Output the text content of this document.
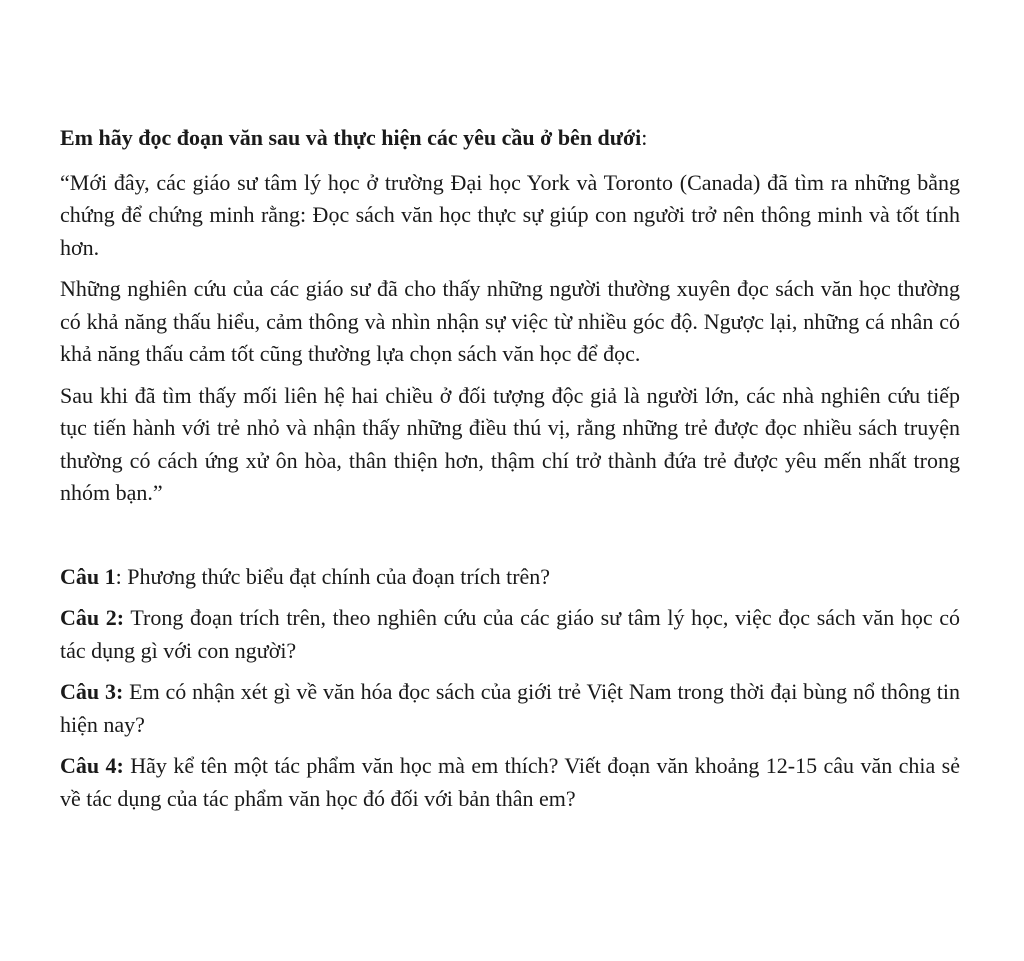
Em hãy đọc đoạn văn sau và thực hiện các yêu cầu ở bên dưới:

“Mới đây, các giáo sư tâm lý học ở trường Đại học York và Toronto (Canada) đã tìm ra những bằng chứng để chứng minh rằng: Đọc sách văn học thực sự giúp con người trở nên thông minh và tốt tính hơn.

Những nghiên cứu của các giáo sư đã cho thấy những người thường xuyên đọc sách văn học thường có khả năng thấu hiểu, cảm thông và nhìn nhận sự việc từ nhiều góc độ. Ngược lại, những cá nhân có khả năng thấu cảm tốt cũng thường lựa chọn sách văn học để đọc.

Sau khi đã tìm thấy mối liên hệ hai chiều ở đối tượng độc giả là người lớn, các nhà nghiên cứu tiếp tục tiến hành với trẻ nhỏ và nhận thấy những điều thú vị, rằng những trẻ được đọc nhiều sách truyện thường có cách ứng xử ôn hòa, thân thiện hơn, thậm chí trở thành đứa trẻ được yêu mến nhất trong nhóm bạn.”

Câu 1: Phương thức biểu đạt chính của đoạn trích trên?

Câu 2: Trong đoạn trích trên, theo nghiên cứu của các giáo sư tâm lý học, việc đọc sách văn học có tác dụng gì với con người?

Câu 3: Em có nhận xét gì về văn hóa đọc sách của giới trẻ Việt Nam trong thời đại bùng nổ thông tin hiện nay?

Câu 4: Hãy kể tên một tác phẩm văn học mà em thích? Viết đoạn văn khoảng 12-15 câu văn chia sẻ về tác dụng của tác phẩm văn học đó đối với bản thân em?
